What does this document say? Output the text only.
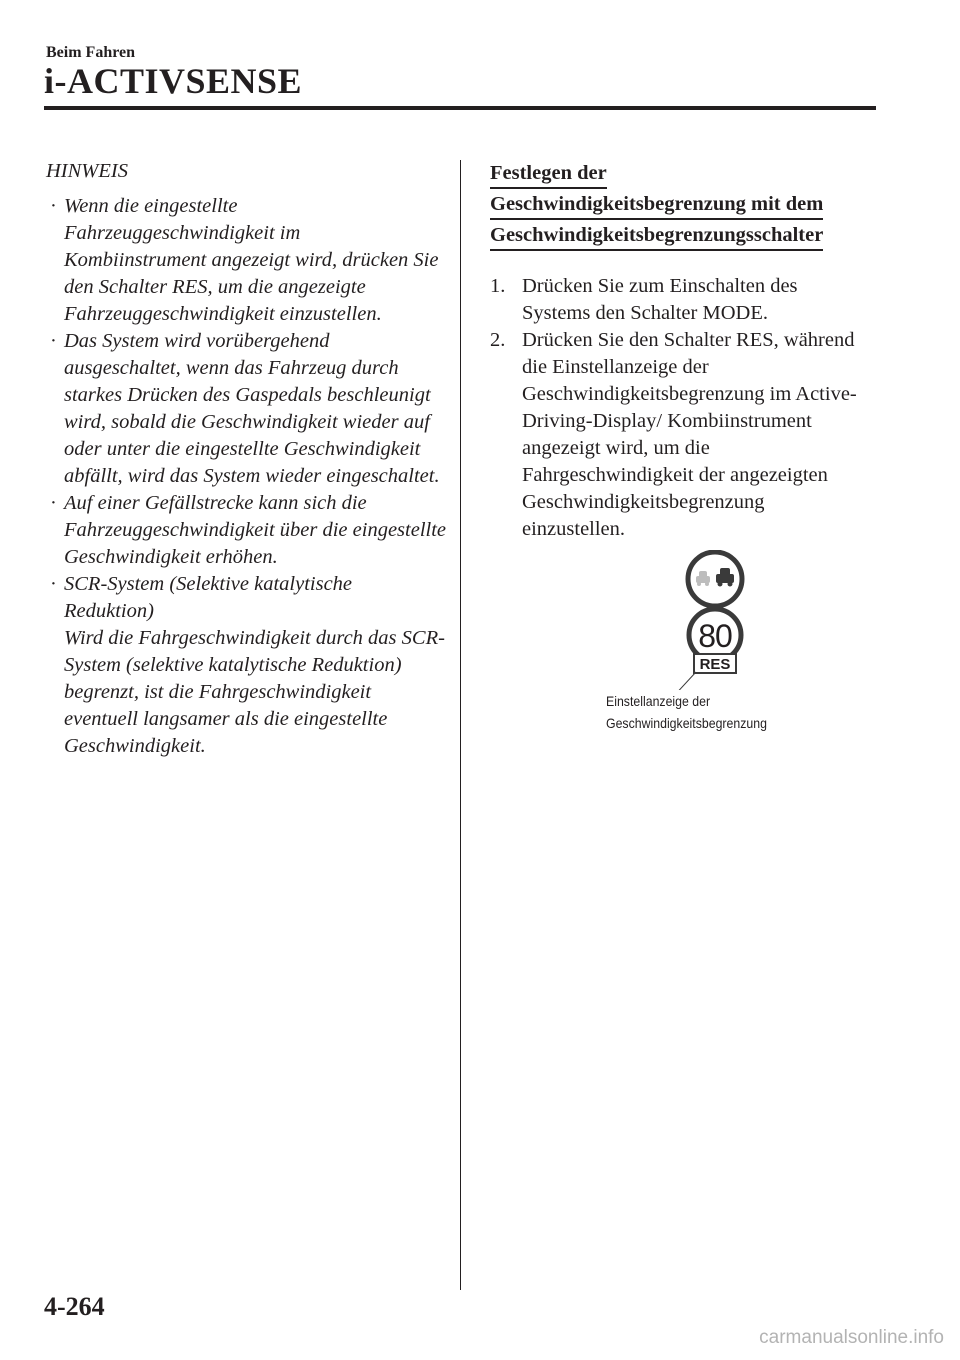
Beim Fahren
i-ACTIVSENSE
HINWEIS
· Wenn die eingestellte Fahrzeuggeschwindigkeit im Kombiinstrument angezeigt wird, drücken Sie den Schalter RES, um die angezeigte Fahrzeuggeschwindigkeit einzustellen.

· Das System wird vorübergehend ausgeschaltet, wenn das Fahrzeug durch starkes Drücken des Gaspedals beschleunigt wird, sobald die Geschwindigkeit wieder auf oder unter die eingestellte Geschwindigkeit abfällt, wird das System wieder eingeschaltet.

· Auf einer Gefällstrecke kann sich die Fahrzeuggeschwindigkeit über die eingestellte Geschwindigkeit erhöhen.

· SCR-System (Selektive katalytische Reduktion)

Wird die Fahrgeschwindigkeit durch das SCR-System (selektive katalytische Reduktion) begrenzt, ist die Fahrgeschwindigkeit eventuell langsamer als die eingestellte Geschwindigkeit.

Festlegen der
Geschwindigkeitsbegrenzung mit dem
Geschwindigkeitsbegrenzungsschalter
1. Drücken Sie zum Einschalten des Systems den Schalter MODE.
2. Drücken Sie den Schalter RES, während die Einstellanzeige der Geschwindigkeitsbegrenzung im Active-Driving-Display/ Kombiinstrument angezeigt wird, um die Fahrgeschwindigkeit der angezeigten Geschwindigkeitsbegrenzung einzustellen.
80
RES
Einstellanzeige der
Geschwindigkeitsbegrenzung
4-264
carmanualsonline.info
